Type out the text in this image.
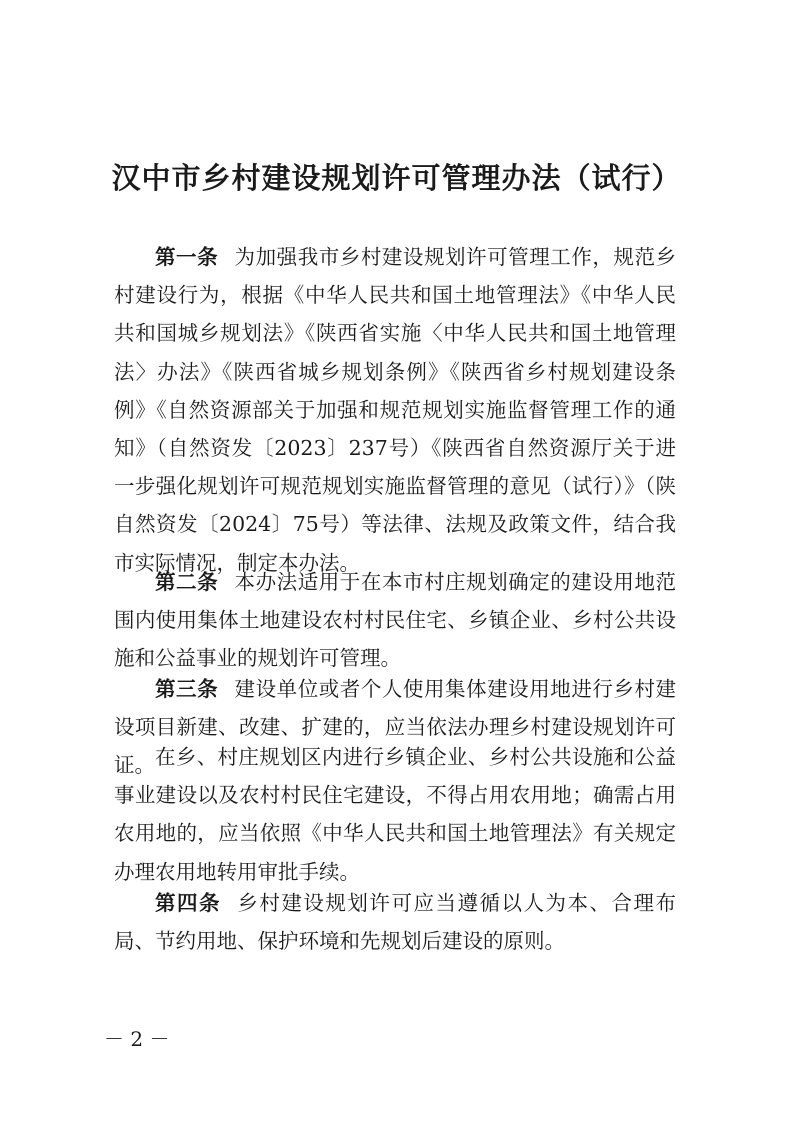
汉中市乡村建设规划许可管理办法（试行）

第一条 为加强我市乡村建设规划许可管理工作，规范乡村建设行为，根据《中华人民共和国土地管理法》《中华人民共和国城乡规划法》《陕西省实施〈中华人民共和国土地管理法〉办法》《陕西省城乡规划条例》《陕西省乡村规划建设条例》《自然资源部关于加强和规范规划实施监督管理工作的通知》（自然资发〔2023〕237号）《陕西省自然资源厅关于进一步强化规划许可规范规划实施监督管理的意见（试行）》（陕自然资发〔2024〕75号）等法律、法规及政策文件，结合我市实际情况，制定本办法。

第二条 本办法适用于在本市村庄规划确定的建设用地范围内使用集体土地建设农村村民住宅、乡镇企业、乡村公共设施和公益事业的规划许可管理。

第三条 建设单位或者个人使用集体建设用地进行乡村建设项目新建、改建、扩建的，应当依法办理乡村建设规划许可证。 在乡、村庄规划区内进行乡镇企业、乡村公共设施和公益事业建设以及农村村民住宅建设，不得占用农用地；确需占用农用地的，应当依照《中华人民共和国土地管理法》有关规定办理农用地转用审批手续。

第四条 乡村建设规划许可应当遵循以人为本、合理布局、节约用地、保护环境和先规划后建设的原则。

－ 2 －
